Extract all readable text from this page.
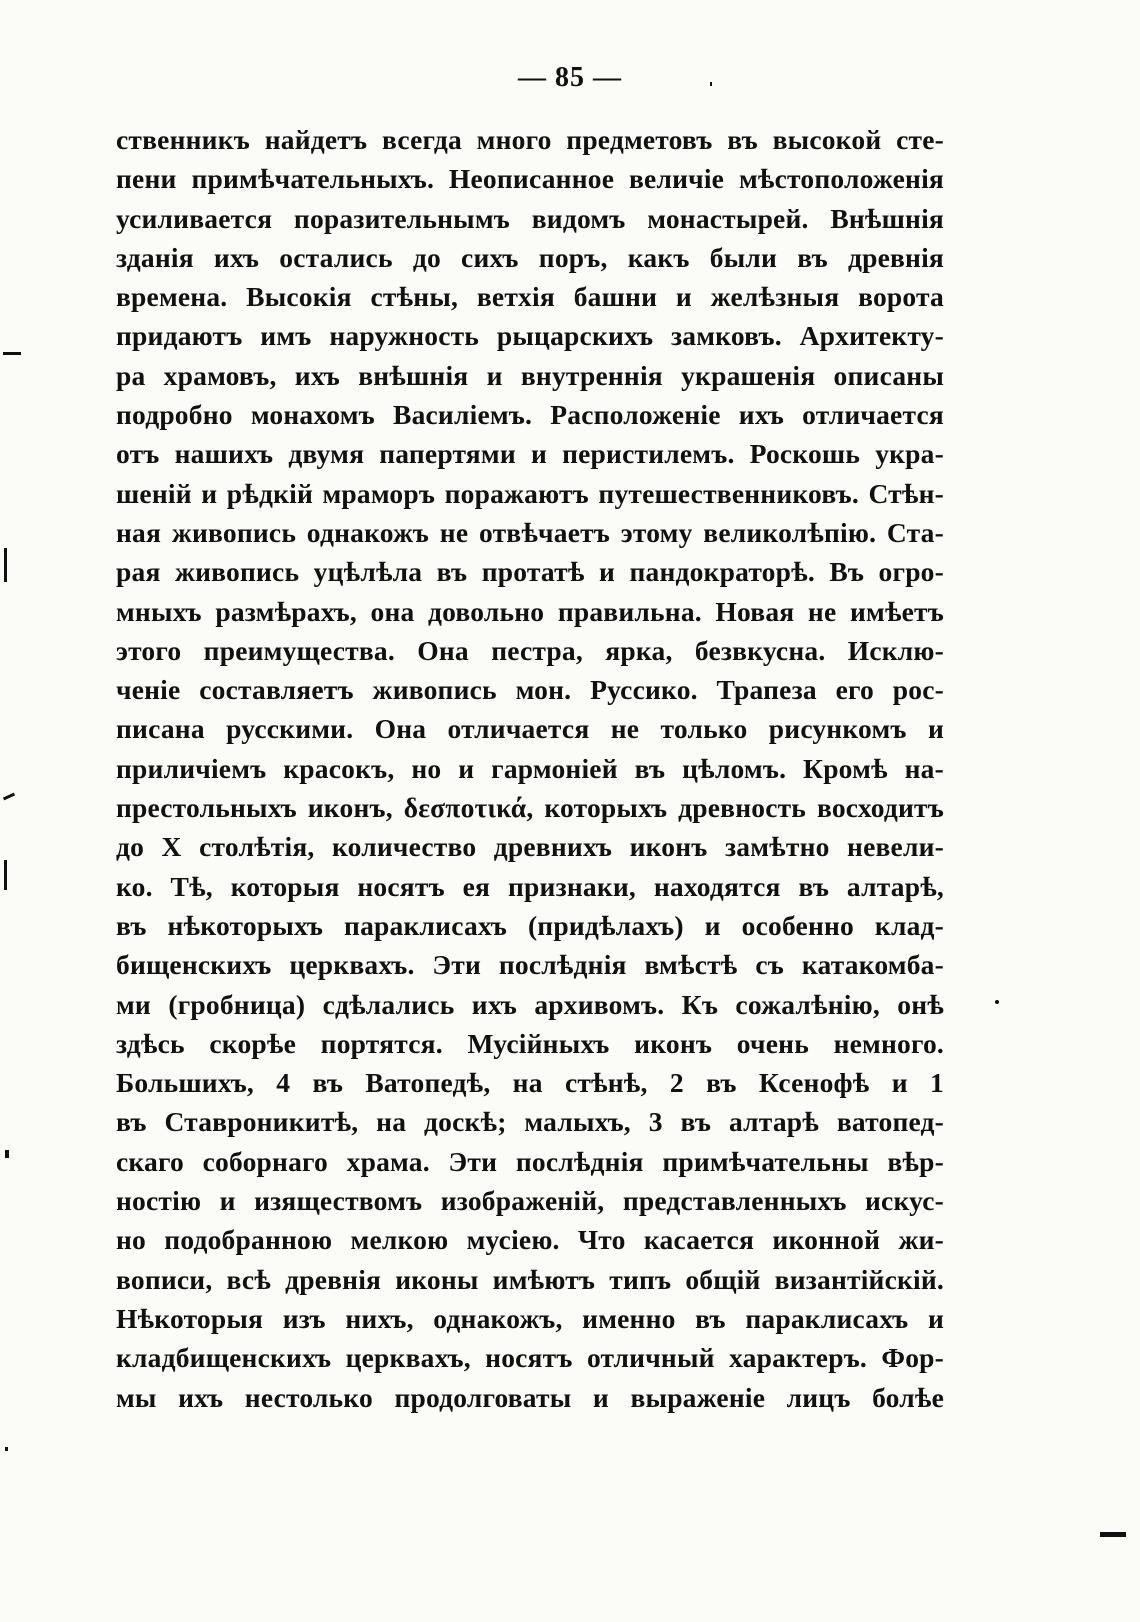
— 85 —
ственникъ найдетъ всегда много предметовъ въ высокой сте-
пени примѣчательныхъ. Неописанное величіе мѣстоположенія
усиливается поразительнымъ видомъ монастырей. Внѣшнія
зданія ихъ остались до сихъ поръ, какъ были въ древнія
времена. Высокія стѣны, ветхія башни и желѣзныя ворота
придаютъ имъ наружность рыцарскихъ замковъ. Архитекту-
ра храмовъ, ихъ внѣшнія и внутреннія украшенія описаны
подробно монахомъ Василіемъ. Расположеніе ихъ отличается
отъ нашихъ двумя папертями и перистилемъ. Роскошь укра-
шеній и рѣдкій мраморъ поражаютъ путешественниковъ. Стѣн-
ная живопись однакожъ не отвѣчаетъ этому великолѣпію. Ста-
рая живопись уцѣлѣла въ протатѣ и пандократорѣ. Въ огро-
мныхъ размѣрахъ, она довольно правильна. Новая не имѣетъ
этого преимущества. Она пестра, ярка, безвкусна. Исклю-
ченіе составляетъ живопись мон. Руссико. Трапеза его рос-
писана русскими. Она отличается не только рисункомъ и
приличіемъ красокъ, но и гармоніей въ цѣломъ. Кромѣ на-
престольныхъ иконъ, δεσποτικά, которыхъ древность восходитъ
до X столѣтія, количество древнихъ иконъ замѣтно невели-
ко. Тѣ, которыя носятъ ея признаки, находятся въ алтарѣ,
въ нѣкоторыхъ параклисахъ (придѣлахъ) и особенно клад-
бищенскихъ церквахъ. Эти послѣднія вмѣстѣ съ катакомба-
ми (гробница) сдѣлались ихъ архивомъ. Къ сожалѣнію, онѣ
здѣсь скорѣе портятся. Мусійныхъ иконъ очень немного.
Большихъ, 4 въ Ватопедѣ, на стѣнѣ, 2 въ Ксенофѣ и 1
въ Ставроникитѣ, на доскѣ; малыхъ, 3 въ алтарѣ ватопед-
скаго соборнаго храма. Эти послѣднія примѣчательны вѣр-
ностію и изяществомъ изображеній, представленныхъ искус-
но подобранною мелкою мусіею. Что касается иконной жи-
вописи, всѣ древнія иконы имѣютъ типъ общій византійскій.
Нѣкоторыя изъ нихъ, однакожъ, именно въ параклисахъ и
кладбищенскихъ церквахъ, носятъ отличный характеръ. Фор-
мы ихъ нестолько продолговаты и выраженіе лицъ болѣе
